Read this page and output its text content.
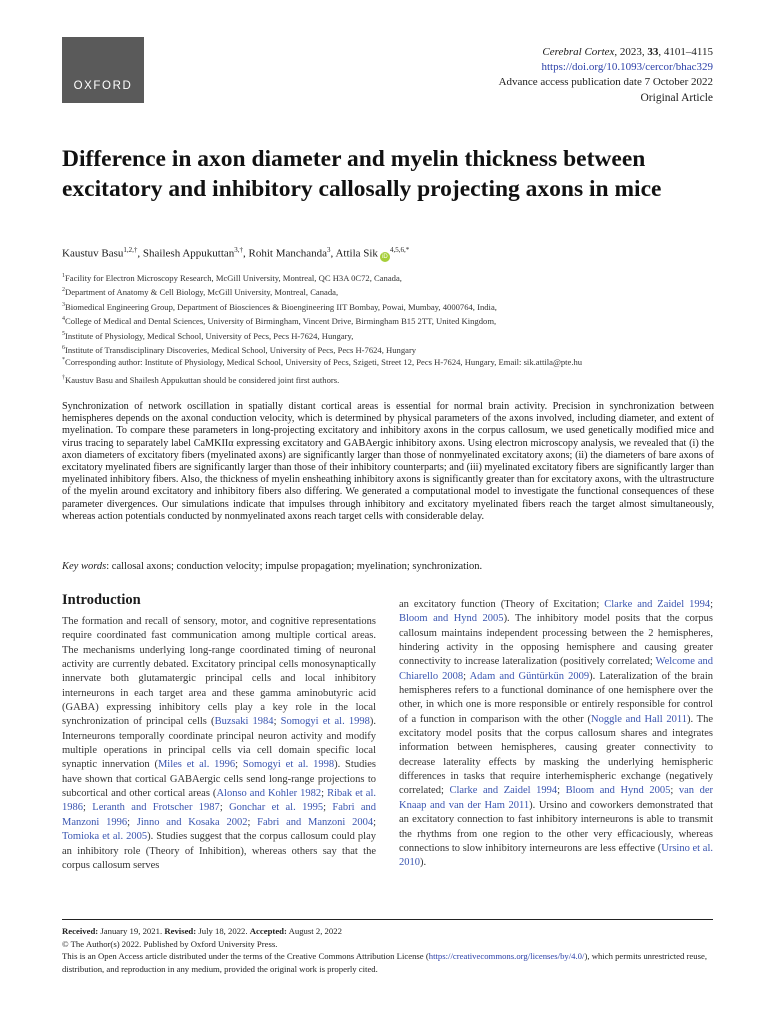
OXFORD
Cerebral Cortex, 2023, 33, 4101–4115
https://doi.org/10.1093/cercor/bhac329
Advance access publication date 7 October 2022
Original Article
Difference in axon diameter and myelin thickness between excitatory and inhibitory callosally projecting axons in mice
Kaustuv Basu$^{1,2,\dagger}$, Shailesh Appukuttan$^{3,\dagger}$, Rohit Manchanda$^3$, Attila Sik $iD^{4,5,6,*}$
$^1$Facility for Electron Microscopy Research, McGill University, Montreal, QC H3A 0C72, Canada,
$^2$Department of Anatomy & Cell Biology, McGill University, Montreal, Canada,
$^3$Biomedical Engineering Group, Department of Biosciences & Bioengineering IIT Bombay, Powai, Mumbay, 4000764, India,
$^4$College of Medical and Dental Sciences, University of Birmingham, Vincent Drive, Birmingham B15 2TT, United Kingdom,
$^5$Institute of Physiology, Medical School, University of Pecs, Pecs H-7624, Hungary,
$^6$Institute of Transdisciplinary Discoveries, Medical School, University of Pecs, Pecs H-7624, Hungary
*Corresponding author: Institute of Physiology, Medical School, University of Pecs, Szigeti, Street 12, Pecs H-7624, Hungary, Email: sik.attila@pte.hu
†Kaustuv Basu and Shailesh Appukuttan should be considered joint first authors.

Synchronization of network oscillation in spatially distant cortical areas is essential for normal brain activity. Precision in synchronization between hemispheres depends on the axonal conduction velocity, which is determined by physical parameters of the axons involved, including diameter, and extent of myelination. To compare these parameters in long-projecting excitatory and inhibitory axons in the corpus callosum, we used genetically modified mice and virus tracing to separately label CaMKIIα expressing excitatory and GABAergic inhibitory axons. Using electron microscopy analysis, we revealed that (i) the axon diameters of excitatory fibers (myelinated axons) are significantly larger than those of nonmyelinated excitatory axons; (ii) the diameters of bare axons of excitatory myelinated fibers are significantly larger than those of their inhibitory counterparts; and (iii) myelinated excitatory fibers are significantly larger than myelinated inhibitory fibers. Also, the thickness of myelin ensheathing inhibitory axons is significantly greater than for excitatory axons, with the ultrastructure of the myelin around excitatory and inhibitory fibers also differing. We generated a computational model to investigate the functional consequences of these parameter divergences. Our simulations indicate that impulses through inhibitory and excitatory myelinated fibers reach the target almost simultaneously, whereas action potentials conducted by nonmyelinated axons reach target cells with considerable delay.

Key words: callosal axons; conduction velocity; impulse propagation; myelination; synchronization.

Introduction

The formation and recall of sensory, motor, and cognitive representations require coordinated fast communication among multiple cortical areas. The mechanisms underlying long-range coordinated timing of neuronal activity are currently debated. Excitatory principal cells monosynaptically innervate both glutamatergic principal cells and local inhibitory interneurons in each target area and these gamma aminobutyric acid (GABA) expressing inhibitory cells play a key role in the local synchronization of principal cells (Buzsaki 1984; Somogyi et al. 1998). Interneurons temporally coordinate principal neuron activity and modify multiple operations in principal cells via cell domain specific local synaptic innervation (Miles et al. 1996; Somogyi et al. 1998). Studies have shown that cortical GABAergic cells send long-range projections to subcortical and other cortical areas (Alonso and Kohler 1982; Ribak et al. 1986; Leranth and Frotscher 1987; Gonchar et al. 1995; Fabri and Manzoni 1996; Jinno and Kosaka 2002; Fabri and Manzoni 2004; Tomioka et al. 2005). Studies suggest that the corpus callosum could play an inhibitory role (Theory of Inhibition), whereas others say that the corpus callosum serves

an excitatory function (Theory of Excitation; Clarke and Zaidel 1994; Bloom and Hynd 2005). The inhibitory model posits that the corpus callosum maintains independent processing between the 2 hemispheres, hindering activity in the opposing hemisphere and causing greater connectivity to increase lateralization (positively correlated; Welcome and Chiarello 2008; Adam and Güntürkün 2009). Lateralization of the brain hemispheres refers to a functional dominance of one hemisphere over the other, in which one is more responsible or entirely responsible for control of a function in comparison with the other (Noggle and Hall 2011). The excitatory model posits that the corpus callosum shares and integrates information between hemispheres, causing greater connectivity to decrease laterality effects by masking the underlying hemispheric differences in tasks that require interhemispheric exchange (negatively correlated; Clarke and Zaidel 1994; Bloom and Hynd 2005; van der Knaap and van der Ham 2011). Ursino and coworkers demonstrated that an excitatory connection to fast inhibitory interneurons is able to transmit the rhythms from one region to the other very efficaciously, whereas connections to slow inhibitory interneurons are less effective (Ursino et al. 2010).

Received: January 19, 2021. Revised: July 18, 2022. Accepted: August 2, 2022
© The Author(s) 2022. Published by Oxford University Press.
This is an Open Access article distributed under the terms of the Creative Commons Attribution License (https://creativecommons.org/licenses/by/4.0/), which permits unrestricted reuse, distribution, and reproduction in any medium, provided the original work is properly cited.
